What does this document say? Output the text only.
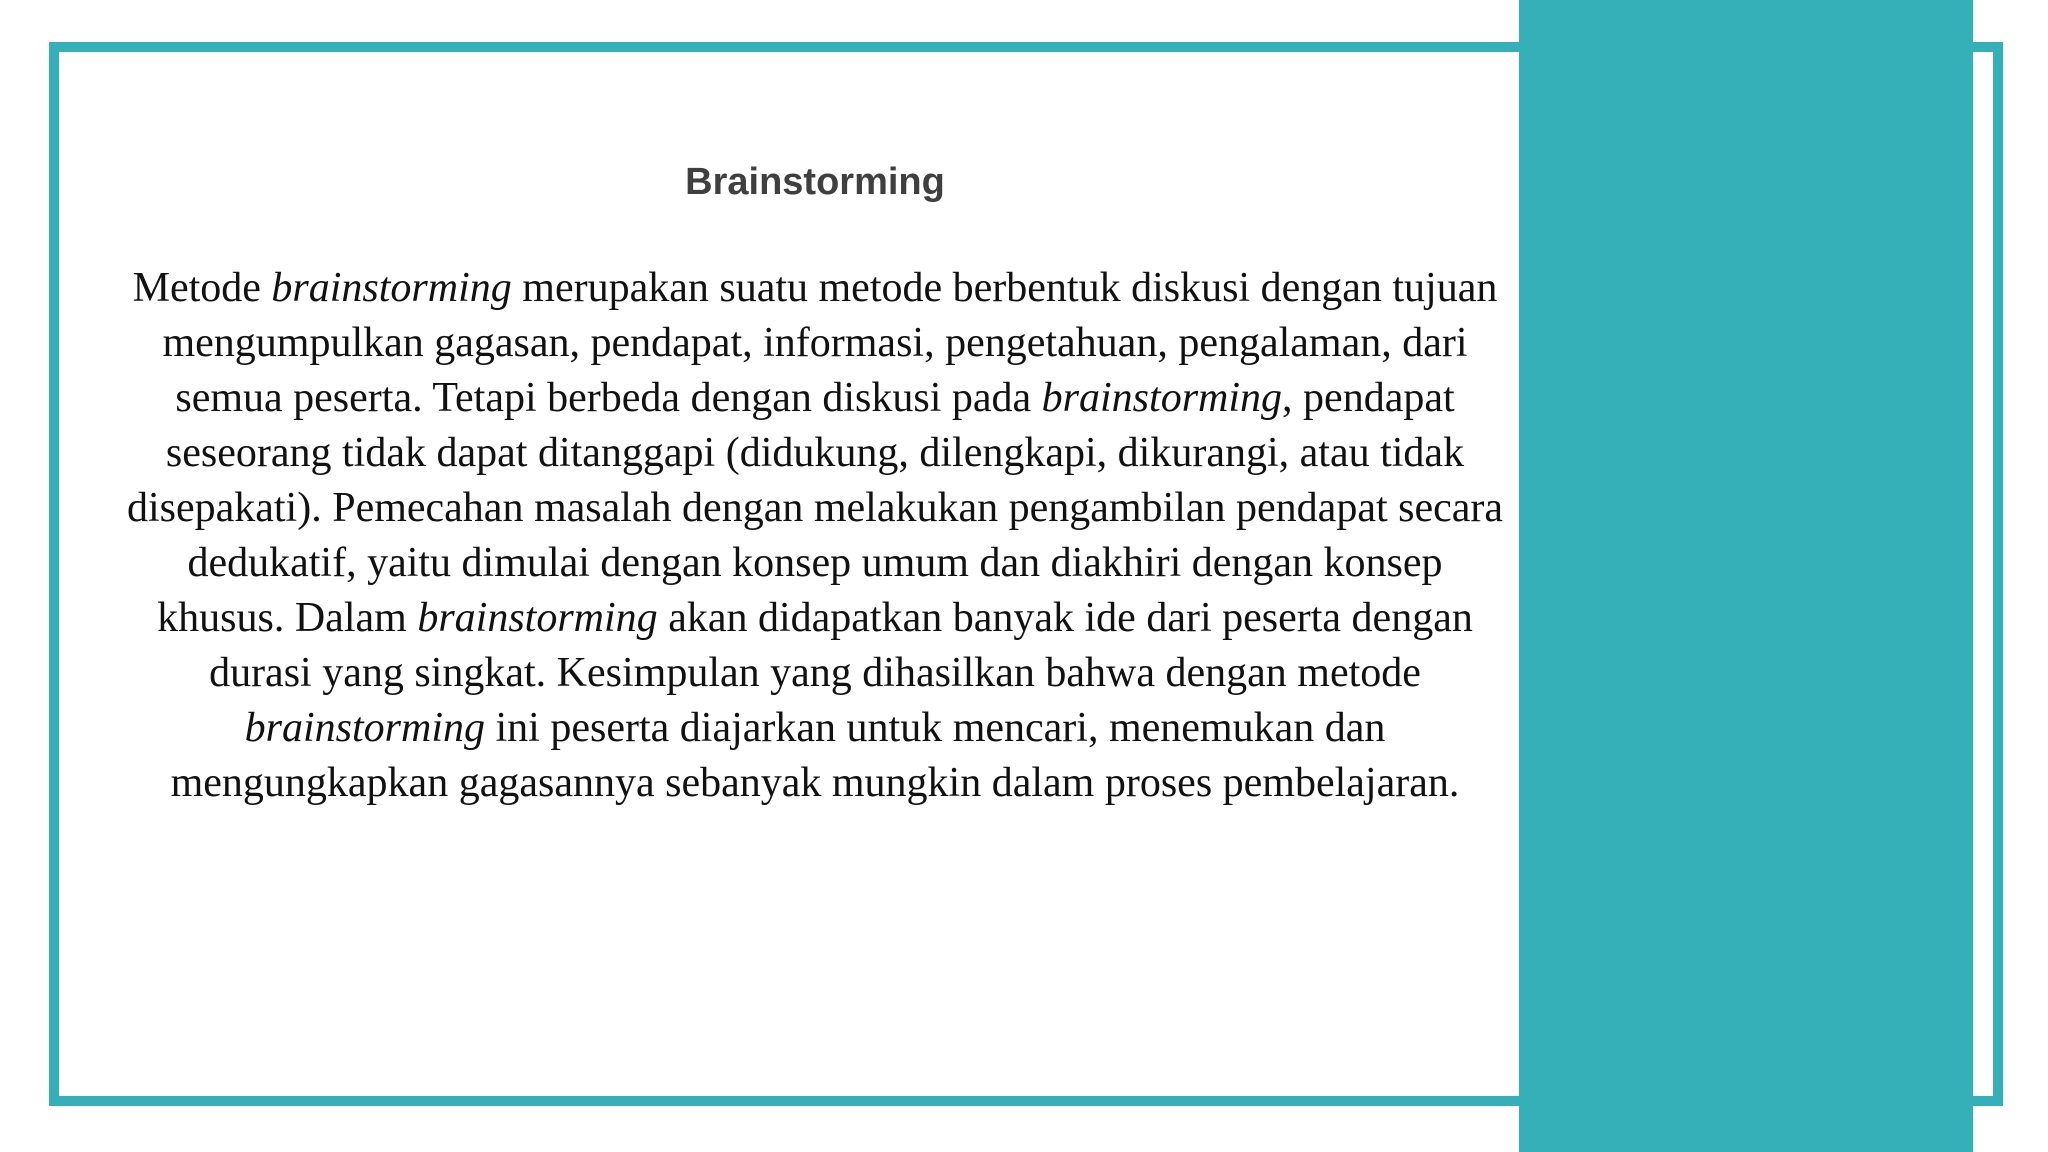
Brainstorming

Metode brainstorming merupakan suatu metode berbentuk diskusi dengan tujuan mengumpulkan gagasan, pendapat, informasi, pengetahuan, pengalaman, dari semua peserta. Tetapi berbeda dengan diskusi pada brainstorming, pendapat seseorang tidak dapat ditanggapi (didukung, dilengkapi, dikurangi, atau tidak disepakati). Pemecahan masalah dengan melakukan pengambilan pendapat secara dedukatif, yaitu dimulai dengan konsep umum dan diakhiri dengan konsep khusus. Dalam brainstorming akan didapatkan banyak ide dari peserta dengan durasi yang singkat. Kesimpulan yang dihasilkan bahwa dengan metode brainstorming ini peserta diajarkan untuk mencari, menemukan dan mengungkapkan gagasannya sebanyak mungkin dalam proses pembelajaran.
